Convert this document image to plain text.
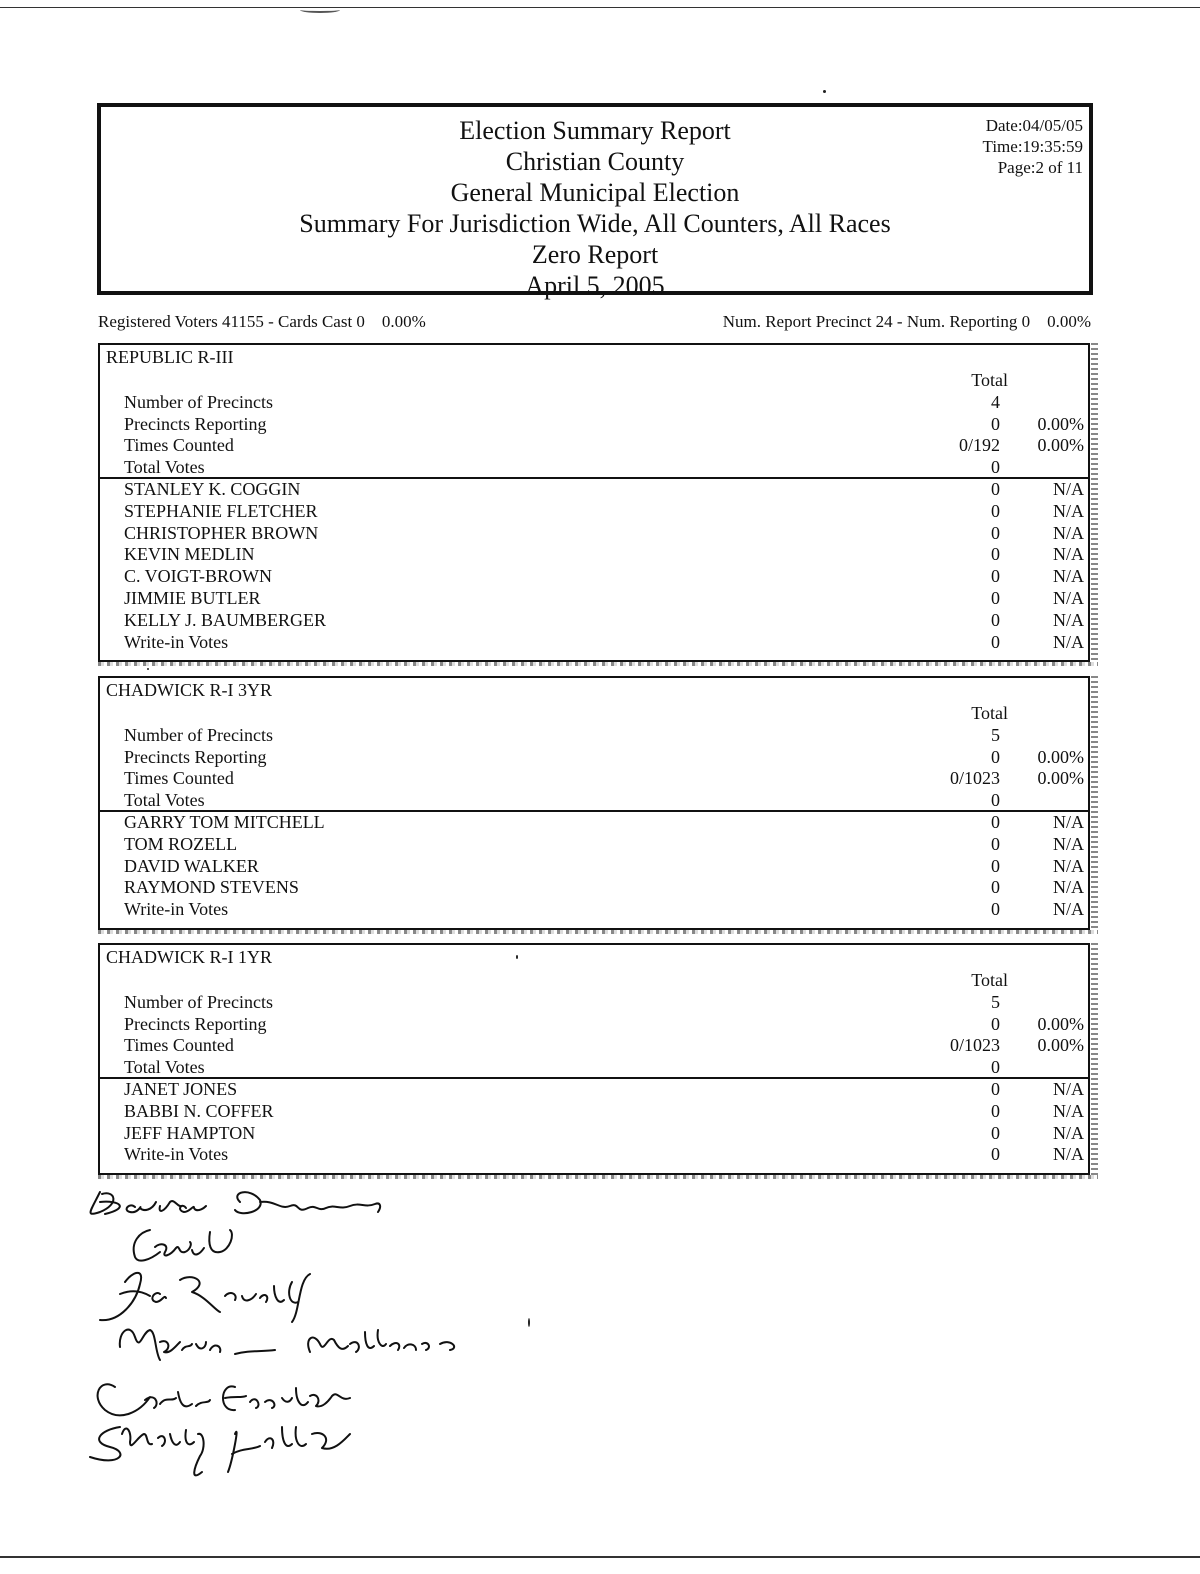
Election Summary Report
Christian County
General Municipal Election
Summary For Jurisdiction Wide, All Counters, All Races
Zero Report
April 5, 2005
Date:04/05/05
Time:19:35:59
Page:2 of 11
Registered Voters 41155 - Cards Cast 0    0.00%	Num. Report Precinct 24 - Num. Reporting 0    0.00%
REPUBLIC R-III
Total
Number of Precincts	4
Precincts Reporting	0 0.00%
Times Counted	0/192 0.00%
Total Votes	0
STANLEY K. COGGIN	0	N/A
STEPHANIE FLETCHER	0	N/A
CHRISTOPHER BROWN	0	N/A
KEVIN MEDLIN	0	N/A
C. VOIGT-BROWN	0	N/A
JIMMIE BUTLER	0	N/A
KELLY J. BAUMBERGER	0	N/A
Write-in Votes	0	N/A
CHADWICK R-I 3YR
Total
Number of Precincts	5
Precincts Reporting	0 0.00%
Times Counted	0/1023 0.00%
Total Votes	0
GARRY TOM MITCHELL	0	N/A
TOM ROZELL	0	N/A
DAVID WALKER	0	N/A
RAYMOND STEVENS	0	N/A
Write-in Votes	0	N/A
CHADWICK R-I 1YR
Total
Number of Precincts	5
Precincts Reporting	0 0.00%
Times Counted	0/1023 0.00%
Total Votes	0
JANET JONES	0	N/A
BABBI N. COFFER	0	N/A
JEFF HAMPTON	0	N/A
Write-in Votes	0	N/A
